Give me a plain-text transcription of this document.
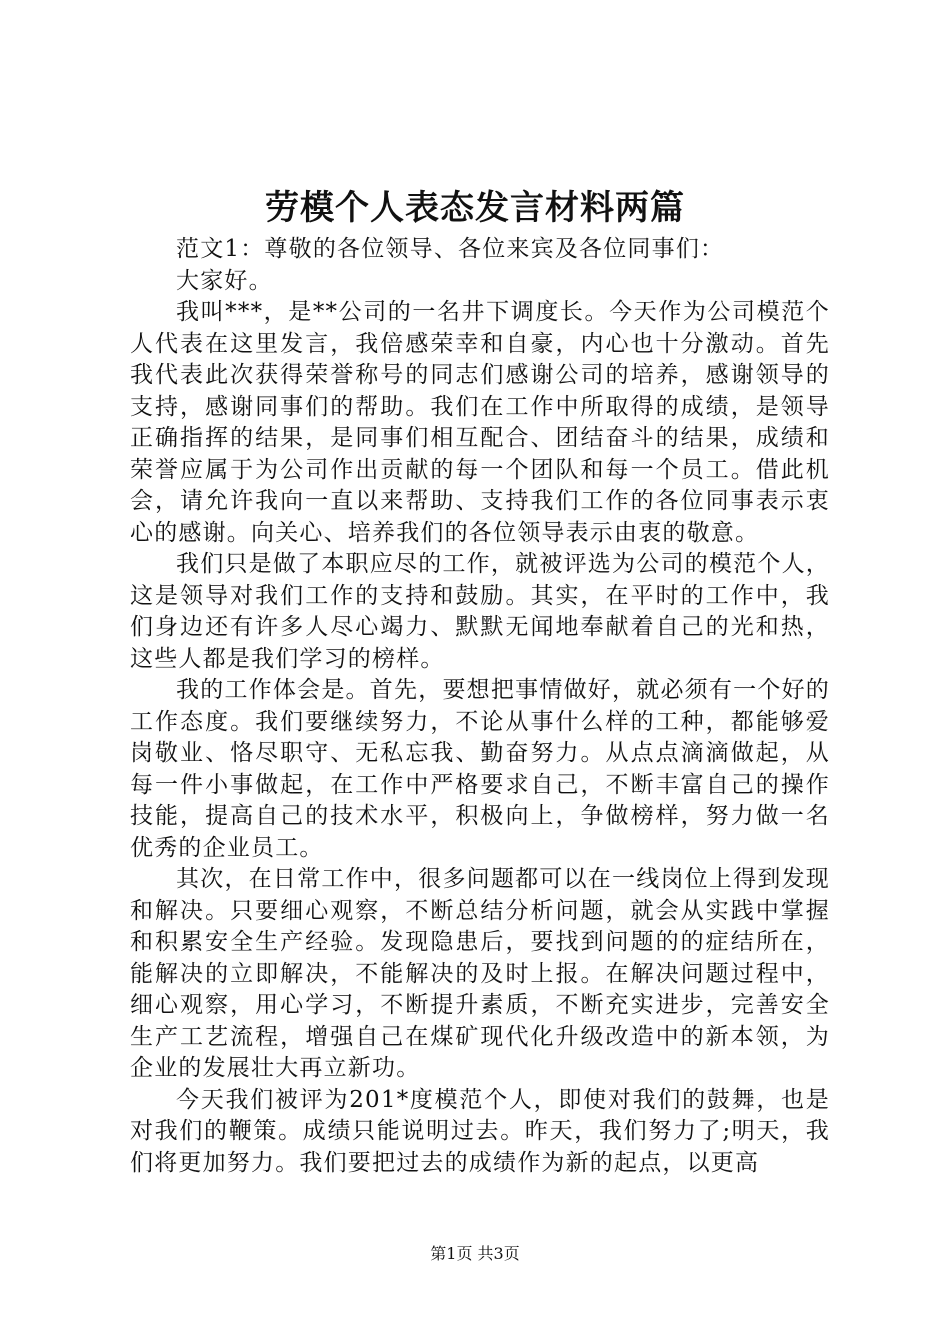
劳模个人表态发言材料两篇

范文1：尊敬的各位领导、各位来宾及各位同事们：

大家好。

我叫***，是**公司的一名井下调度长。今天作为公司模范个人代表在这里发言，我倍感荣幸和自豪，内心也十分激动。首先我代表此次获得荣誉称号的同志们感谢公司的培养，感谢领导的支持，感谢同事们的帮助。我们在工作中所取得的成绩，是领导正确指挥的结果，是同事们相互配合、团结奋斗的结果，成绩和荣誉应属于为公司作出贡献的每一个团队和每一个员工。借此机会，请允许我向一直以来帮助、支持我们工作的各位同事表示衷心的感谢。向关心、培养我们的各位领导表示由衷的敬意。

我们只是做了本职应尽的工作，就被评选为公司的模范个人，这是领导对我们工作的支持和鼓励。其实，在平时的工作中，我们身边还有许多人尽心竭力、默默无闻地奉献着自己的光和热，这些人都是我们学习的榜样。

我的工作体会是。首先，要想把事情做好，就必须有一个好的工作态度。我们要继续努力，不论从事什么样的工种，都能够爱岗敬业、恪尽职守、无私忘我、勤奋努力。从点点滴滴做起，从每一件小事做起，在工作中严格要求自己，不断丰富自己的操作技能，提高自己的技术水平，积极向上，争做榜样，努力做一名优秀的企业员工。

其次，在日常工作中，很多问题都可以在一线岗位上得到发现和解决。只要细心观察，不断总结分析问题，就会从实践中掌握和积累安全生产经验。发现隐患后，要找到问题的的症结所在，能解决的立即解决，不能解决的及时上报。在解决问题过程中，细心观察，用心学习，不断提升素质，不断充实进步，完善安全生产工艺流程，增强自己在煤矿现代化升级改造中的新本领，为企业的发展壮大再立新功。

今天我们被评为201*度模范个人，即使对我们的鼓舞，也是对我们的鞭策。成绩只能说明过去。昨天，我们努力了;明天，我们将更加努力。我们要把过去的成绩作为新的起点，以更高

第1页 共3页
